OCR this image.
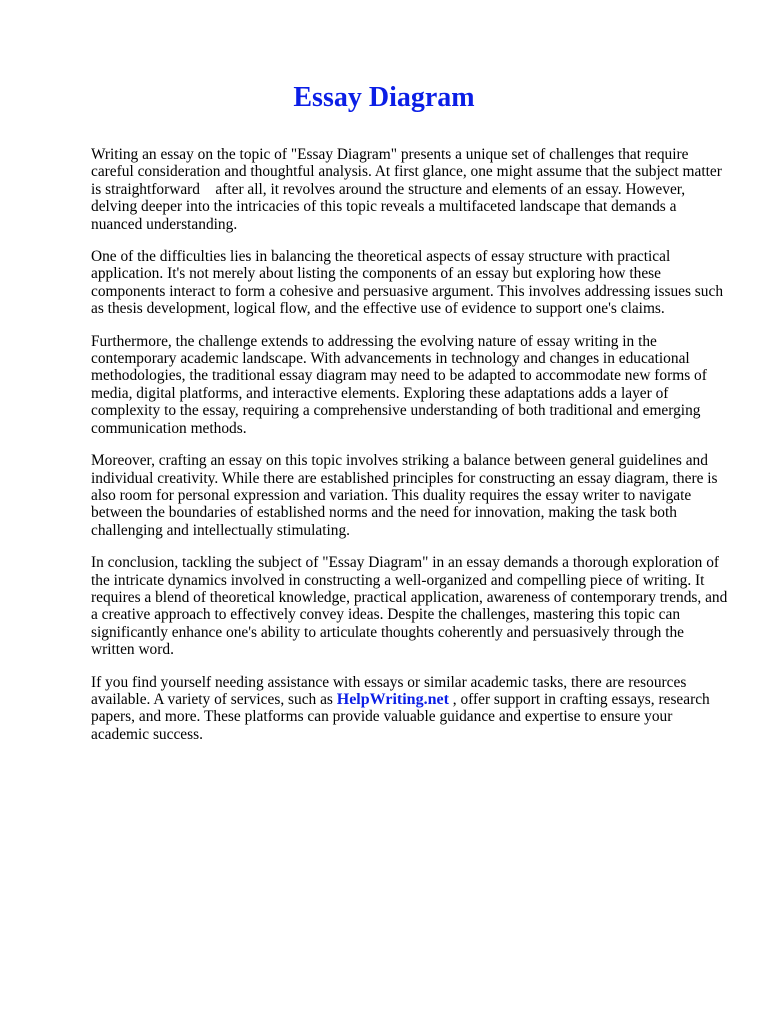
Essay Diagram

Writing an essay on the topic of "Essay Diagram" presents a unique set of challenges that require careful consideration and thoughtful analysis. At first glance, one might assume that the subject matter is straightforward    after all, it revolves around the structure and elements of an essay. However, delving deeper into the intricacies of this topic reveals a multifaceted landscape that demands a nuanced understanding.

One of the difficulties lies in balancing the theoretical aspects of essay structure with practical application. It's not merely about listing the components of an essay but exploring how these components interact to form a cohesive and persuasive argument. This involves addressing issues such as thesis development, logical flow, and the effective use of evidence to support one's claims.

Furthermore, the challenge extends to addressing the evolving nature of essay writing in the contemporary academic landscape. With advancements in technology and changes in educational methodologies, the traditional essay diagram may need to be adapted to accommodate new forms of media, digital platforms, and interactive elements. Exploring these adaptations adds a layer of complexity to the essay, requiring a comprehensive understanding of both traditional and emerging communication methods.

Moreover, crafting an essay on this topic involves striking a balance between general guidelines and individual creativity. While there are established principles for constructing an essay diagram, there is also room for personal expression and variation. This duality requires the essay writer to navigate between the boundaries of established norms and the need for innovation, making the task both challenging and intellectually stimulating.

In conclusion, tackling the subject of "Essay Diagram" in an essay demands a thorough exploration of the intricate dynamics involved in constructing a well-organized and compelling piece of writing. It requires a blend of theoretical knowledge, practical application, awareness of contemporary trends, and a creative approach to effectively convey ideas. Despite the challenges, mastering this topic can significantly enhance one's ability to articulate thoughts coherently and persuasively through the written word.

If you find yourself needing assistance with essays or similar academic tasks, there are resources available. A variety of services, such as HelpWriting.net , offer support in crafting essays, research papers, and more. These platforms can provide valuable guidance and expertise to ensure your academic success.
